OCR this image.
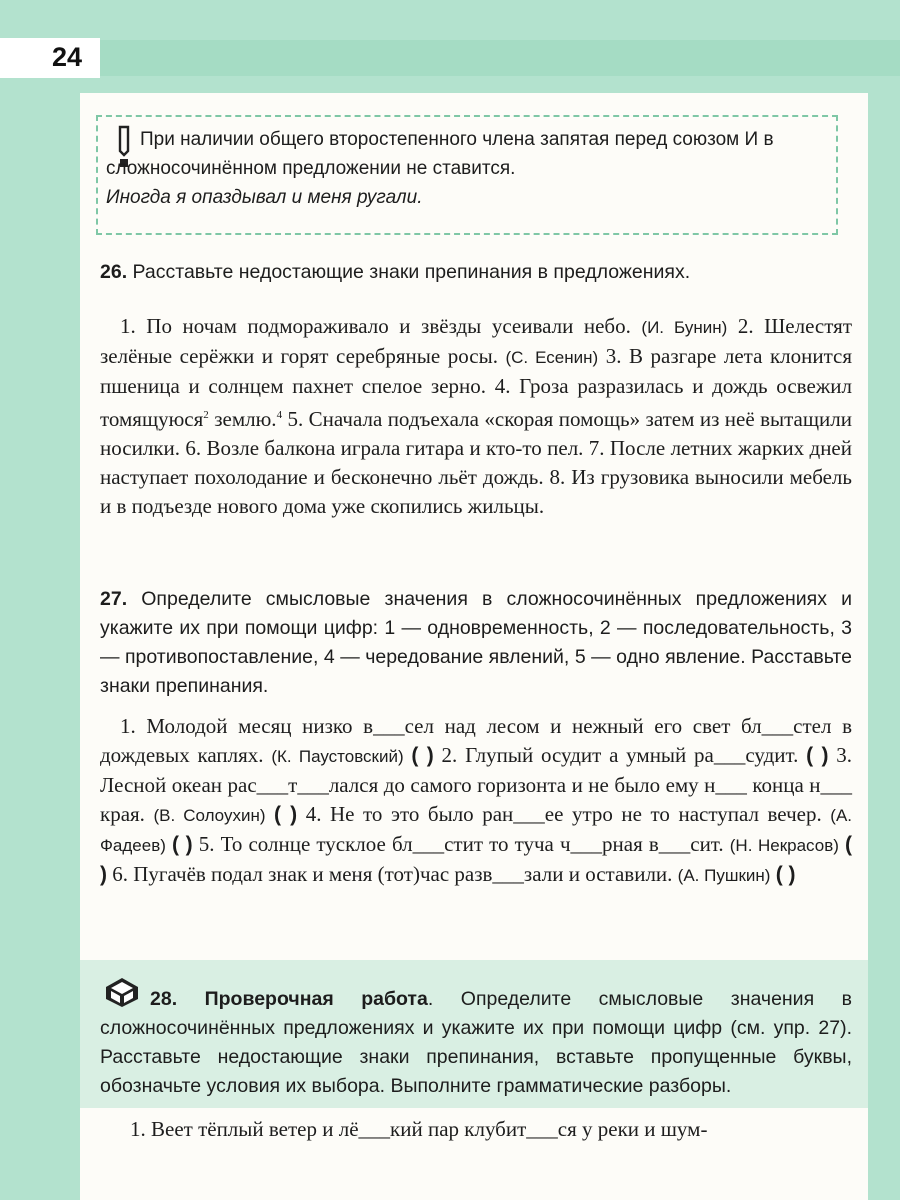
24
При наличии общего второстепенного члена запятая перед союзом И в сложносочинённом предложении не ставится.
Иногда я опаздывал и меня ругали.
26. Расставьте недостающие знаки препинания в предложениях.
1. По ночам подмораживало и звёзды усеивали небо. (И. Бунин) 2. Шелестят зелёные серёжки и горят серебряные росы. (С. Есенин) 3. В разгаре лета клонится пшеница и солнцем пахнет спелое зерно. 4. Гроза разразилась и дождь освежил томящуюся$^2$ землю.$^4$ 5. Сначала подъехала «скорая помощь» затем из неё вытащили носилки. 6. Возле балкона играла гитара и кто-то пел. 7. После летних жарких дней наступает похолодание и бесконечно льёт дождь. 8. Из грузовика выносили мебель и в подъезде нового дома уже скопились жильцы.
27. Определите смысловые значения в сложносочинённых предложениях и укажите их при помощи цифр: 1 — одновременность, 2 — последовательность, 3 — противопоставление, 4 — чередование явлений, 5 — одно явление. Расставьте знаки препинания.
1. Молодой месяц низко в___сел над лесом и нежный его свет бл___стел в дождевых каплях. (К. Паустовский) ( ) 2. Глупый осудит а умный ра___судит. ( ) 3. Лесной океан рас___т___лался до самого горизонта и не было ему н___ конца н___ края. (В. Солоухин) ( ) 4. Не то это было ран___ее утро не то наступал вечер. (А. Фадеев) ( ) 5. То солнце тусклое бл___стит то туча ч___рная в___сит. (Н. Некрасов) ( ) 6. Пугачёв подал знак и меня (тот)час разв___зали и оставили. (А. Пушкин) ( )
28. Проверочная работа. Определите смысловые значения в сложносочинённых предложениях и укажите их при помощи цифр (см. упр. 27). Расставьте недостающие знаки препинания, вставьте пропущенные буквы, обозначьте условия их выбора. Выполните грамматические разборы.
1. Веет тёплый ветер и лё___кий пар клубит___ся у реки и шум-
